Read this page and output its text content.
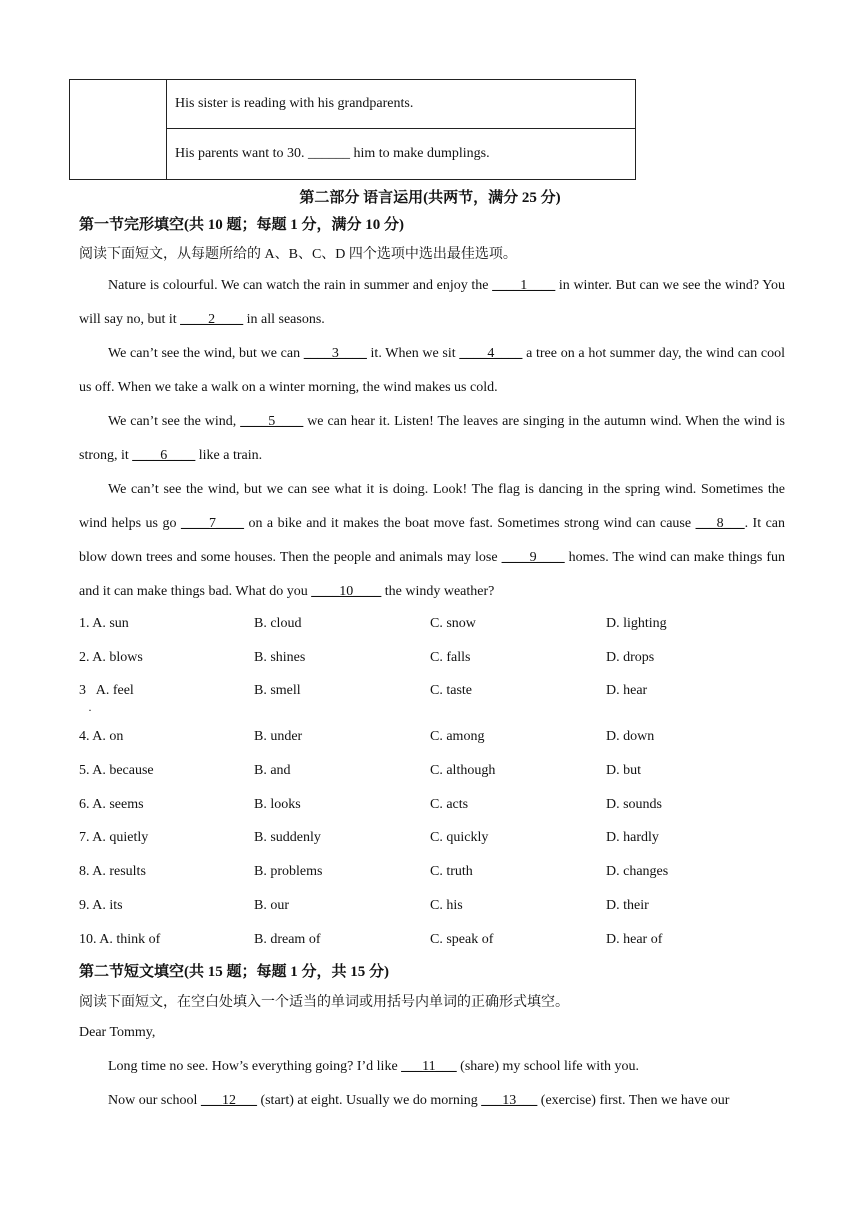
	His sister is reading with his grandparents.
His parents want to 30. ______ him to make dumplings.
第二部分 语言运用(共两节，满分 25 分)
第一节完形填空(共 10 题；每题 1 分，满分 10 分)
阅读下面短文，从每题所给的 A、B、C、D 四个选项中选出最佳选项。

Nature is colourful. We can watch the rain in summer and enjoy the ____1____ in winter. But can we see the wind? You will say no, but it ____2____ in all seasons.

We can’t see the wind, but we can ____3____ it. When we sit ____4____ a tree on a hot summer day, the wind can cool us off. When we take a walk on a winter morning, the wind makes us cold.

We can’t see the wind, ____5____ we can hear it. Listen! The leaves are singing in the autumn wind. When the wind is strong, it ____6____ like a train.

We can’t see the wind, but we can see what it is doing. Look! The flag is dancing in the spring wind. Sometimes the wind helps us go ____7____ on a bike and it makes the boat move fast. Sometimes strong wind can cause ___8___. It can blow down trees and some houses. Then the people and animals may lose ____9____ homes. The wind can make things fun and it can make things bad. What do you ____10____ the windy weather?

1. A. sun	B. cloud	C. snow	D. lighting
2. A. blows	B. shines	C. falls	D. drops
3   A. feel	B. smell	C. taste	D. hear
·
4. A. on	B. under	C. among	D. down
5. A. because	B. and	C. although	D. but
6. A. seems	B. looks	C. acts	D. sounds
7. A. quietly	B. suddenly	C. quickly	D. hardly
8. A. results	B. problems	C. truth	D. changes
9. A. its	B. our	C. his	D. their
10. A. think of	B. dream of	C. speak of	D. hear of
第二节短文填空(共 15 题；每题 1 分，共 15 分)
阅读下面短文，在空白处填入一个适当的单词或用括号内单词的正确形式填空。
Dear Tommy,

Long time no see. How’s everything going? I’d like ___11___ (share) my school life with you.

Now our school ___12___ (start) at eight. Usually we do morning ___13___ (exercise) first. Then we have our
